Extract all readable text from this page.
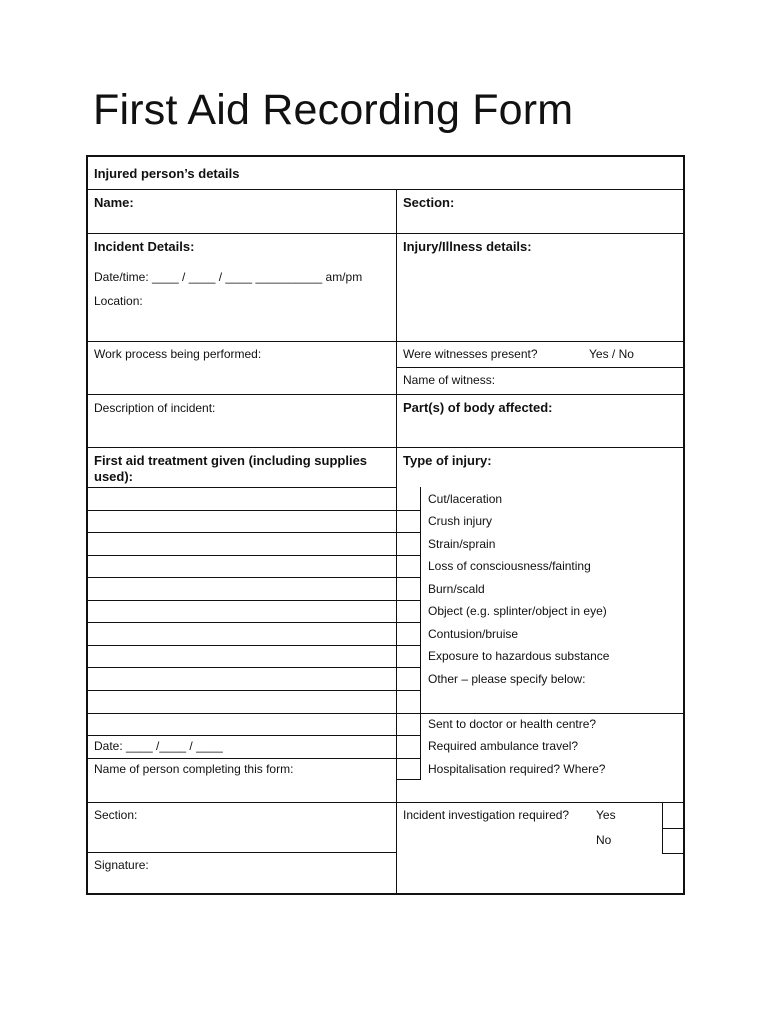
First Aid Recording Form
Injured person’s details
Name:	Section:
Incident Details:
Date/time: ____ / ____ / ____ __________ am/pm
Location:
Injury/Illness details:
Work process being performed:	Were witnesses present?	Yes / No
Name of witness:
Description of incident:	Part(s) of body affected:
First aid treatment given (including supplies
used):
Type of injury:
Cut/laceration
Crush injury
Strain/sprain
Loss of consciousness/fainting
Burn/scald
Object (e.g. splinter/object in eye)
Contusion/bruise
Exposure to hazardous substance
Other – please specify below:
Sent to doctor or health centre?
Required ambulance travel?
Hospitalisation required? Where?
Date: ____ /____ / ____
Name of person completing this form:
Section:	Incident investigation required? Yes
No
Signature:
